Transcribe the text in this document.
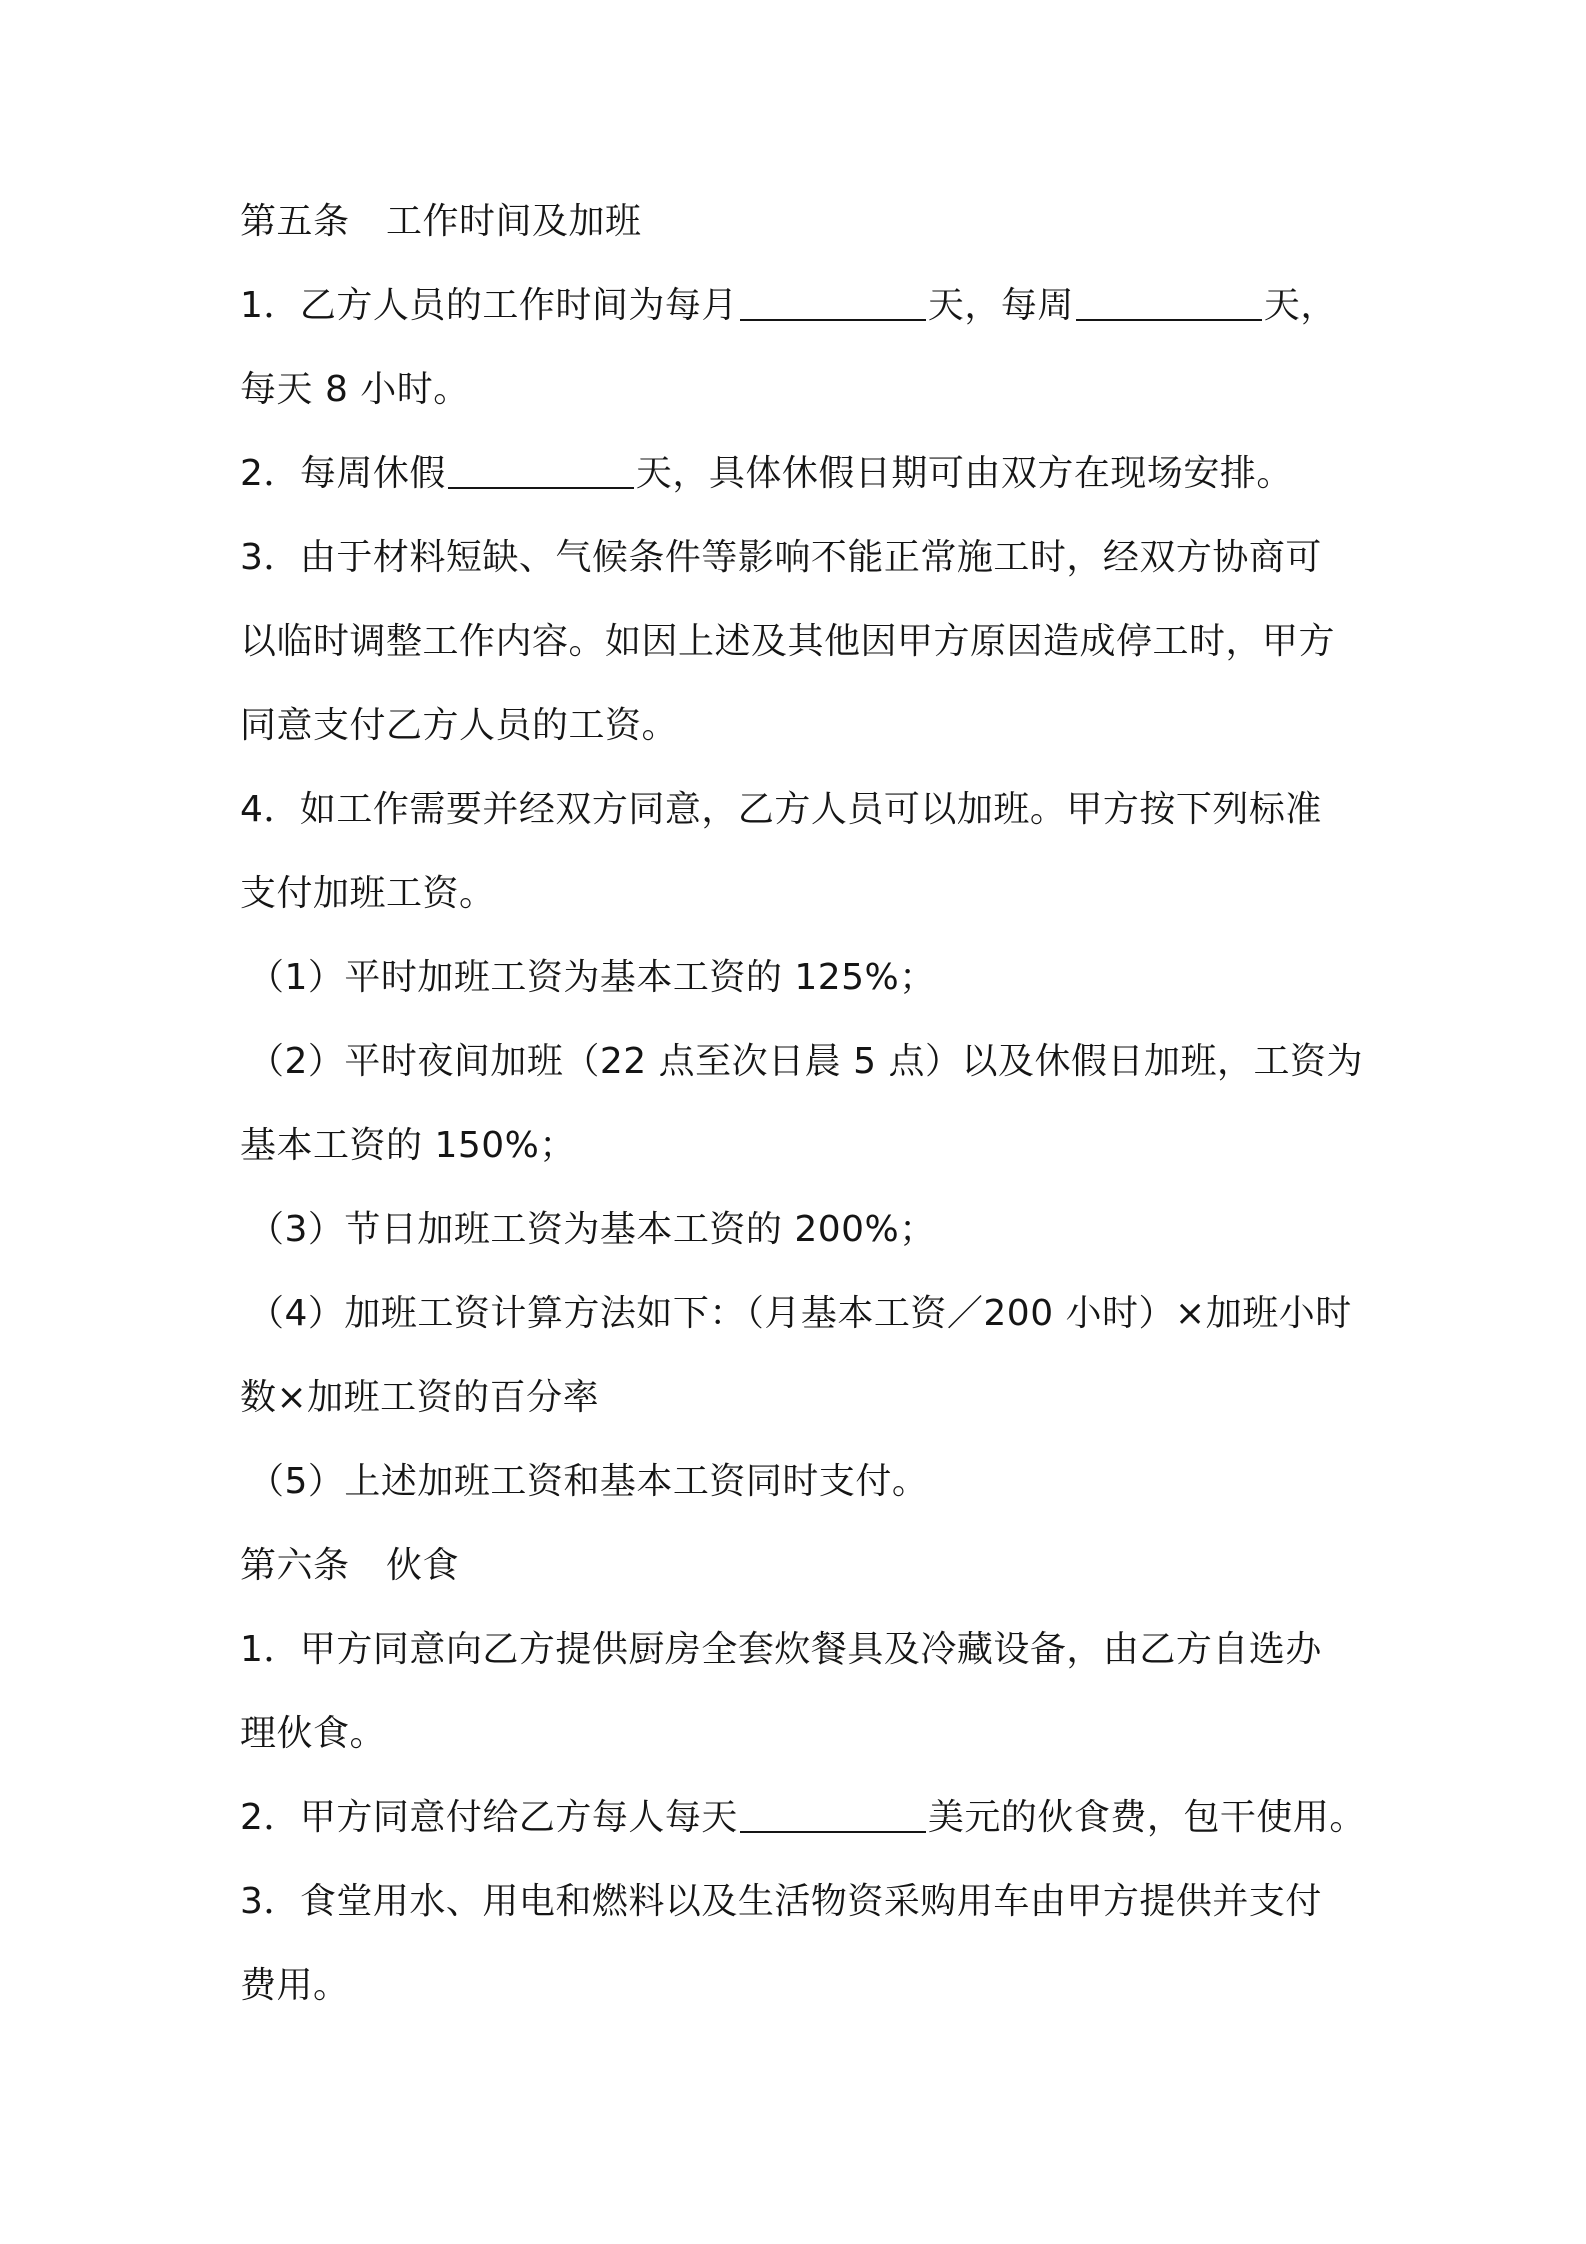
第五条　工作时间及加班
1．乙方人员的工作时间为每月	天，每周	天，
每天 8 小时。
2．每周休假	天，具体休假日期可由双方在现场安排。
3．由于材料短缺、气候条件等影响不能正常施工时，经双方协商可
以临时调整工作内容。如因上述及其他因甲方原因造成停工时，甲方
同意支付乙方人员的工资。
4．如工作需要并经双方同意，乙方人员可以加班。甲方按下列标准
支付加班工资。
（1）平时加班工资为基本工资的 125%；
（2）平时夜间加班（22 点至次日晨 5 点）以及休假日加班，工资为
基本工资的 150%；
（3）节日加班工资为基本工资的 200%；
（4）加班工资计算方法如下：（月基本工资／200 小时）×加班小时
数×加班工资的百分率
（5）上述加班工资和基本工资同时支付。
第六条　伙食
1．甲方同意向乙方提供厨房全套炊餐具及冷藏设备，由乙方自选办
理伙食。
2．甲方同意付给乙方每人每天	美元的伙食费，包干使用。
3．食堂用水、用电和燃料以及生活物资采购用车由甲方提供并支付
费用。
